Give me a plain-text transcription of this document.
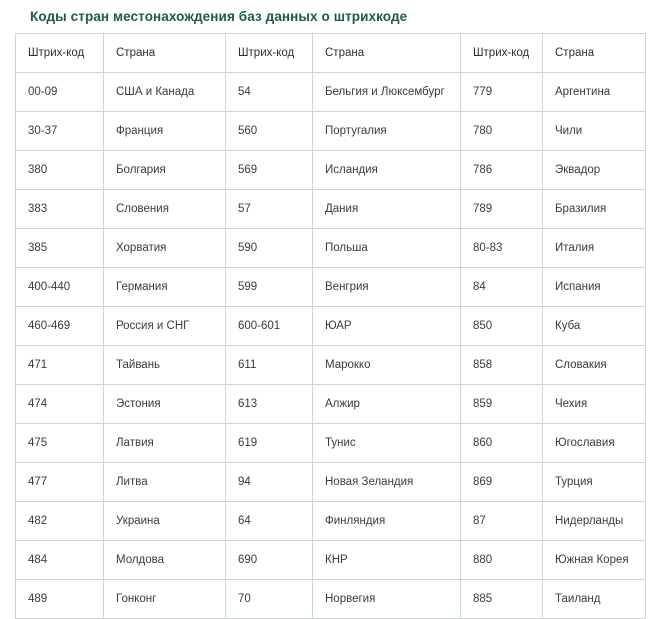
Коды стран местонахождения баз данных о штрихкоде
Штрих-код	Страна	Штрих-код	Страна	Штрих-код	Страна
00-09	США и Канада	54	Бельгия и Люксембург	779	Аргентина
30-37	Франция	560	Португалия	780	Чили
380	Болгария	569	Исландия	786	Эквадор
383	Словения	57	Дания	789	Бразилия
385	Хорватия	590	Польша	80-83	Италия
400-440	Германия	599	Венгрия	84	Испания
460-469	Россия и СНГ	600-601	ЮАР	850	Куба
471	Тайвань	611	Марокко	858	Словакия
474	Эстония	613	Алжир	859	Чехия
475	Латвия	619	Тунис	860	Югославия
477	Литва	94	Новая Зеландия	869	Турция
482	Украина	64	Финляндия	87	Нидерланды
484	Молдова	690	КНР	880	Южная Корея
489	Гонконг	70	Норвегия	885	Таиланд
